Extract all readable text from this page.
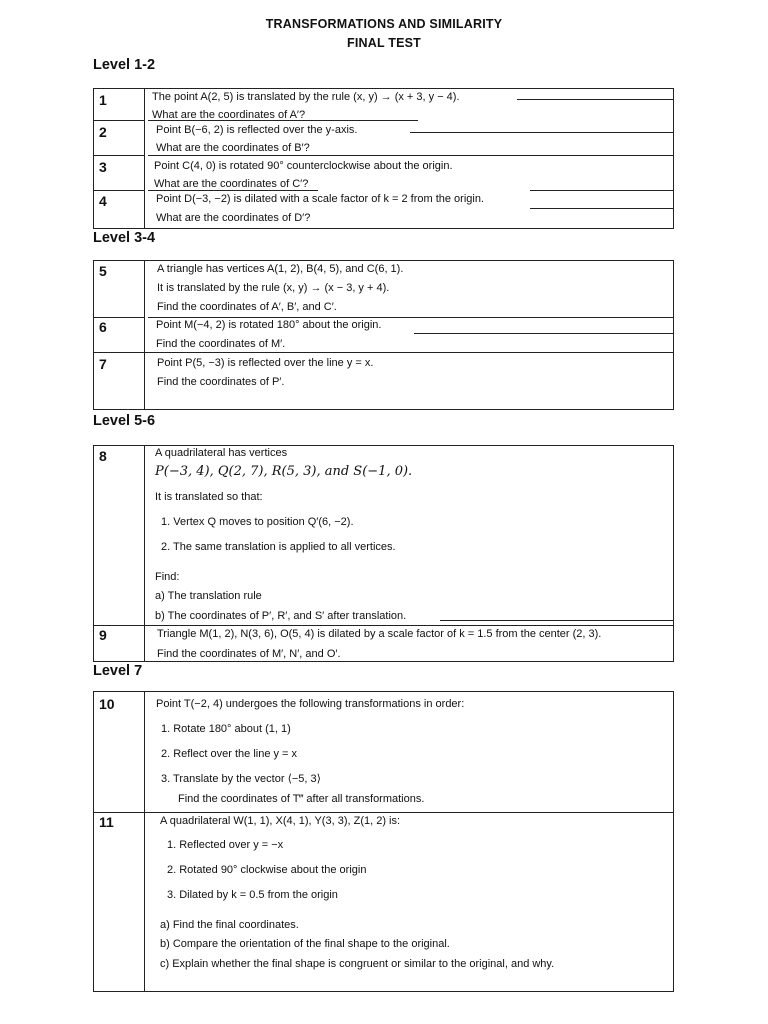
TRANSFORMATIONS AND SIMILARITY
FINAL TEST
Level 1-2
1	The point A(2, 5) is translated by the rule (x, y) → (x + 3, y − 4).
What are the coordinates of A′?
2	Point B(−6, 2) is reflected over the y-axis.
What are the coordinates of B′?
3	Point C(4, 0) is rotated 90° counterclockwise about the origin.
What are the coordinates of C′?
4	Point D(−3, −2) is dilated with a scale factor of k = 2 from the origin.
What are the coordinates of D′?
Level 3-4
5	A triangle has vertices A(1, 2), B(4, 5), and C(6, 1).
It is translated by the rule (x, y) → (x − 3, y + 4).
Find the coordinates of A′, B′, and C′.
6	Point M(−4, 2) is rotated 180° about the origin.
Find the coordinates of M′.
7	Point P(5, −3) is reflected over the line y = x.
Find the coordinates of P′.
Level 5-6
8	A quadrilateral has vertices
P(−3, 4), Q(2, 7), R(5, 3), and S(−1, 0).
It is translated so that:
1. Vertex Q moves to position Q′(6, −2).
2. The same translation is applied to all vertices.
Find:
a) The translation rule
b) The coordinates of P′, R′, and S′ after translation.
9	Triangle M(1, 2), N(3, 6), O(5, 4) is dilated by a scale factor of k = 1.5 from the center (2, 3).
Find the coordinates of M′, N′, and O′.
Level 7
10	Point T(−2, 4) undergoes the following transformations in order:
1. Rotate 180° about (1, 1)
2. Reflect over the line y = x
3. Translate by the vector ⟨−5, 3⟩
Find the coordinates of T‴ after all transformations.
11	A quadrilateral W(1, 1), X(4, 1), Y(3, 3), Z(1, 2) is:
1. Reflected over y = −x
2. Rotated 90° clockwise about the origin
3. Dilated by k = 0.5 from the origin
a) Find the final coordinates.
b) Compare the orientation of the final shape to the original.
c) Explain whether the final shape is congruent or similar to the original, and why.
